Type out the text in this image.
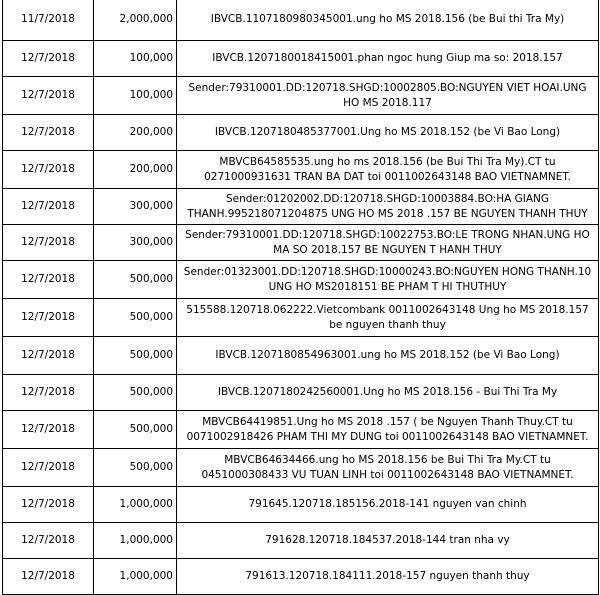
11/7/2018	2,000,000	IBVCB.1107180980345001.ung ho MS 2018.156 (be Bui thi Tra My)
12/7/2018	100,000	IBVCB.1207180018415001.phan ngoc hung Giup ma so: 2018.157
12/7/2018	100,000	Sender:79310001.DD:120718.SHGD:10002805.BO:NGUYEN VIET HOAI.UNG HO MS 2018.117
12/7/2018	200,000	IBVCB.1207180485377001.Ung ho MS 2018.152 (be Vi Bao Long)
12/7/2018	200,000	MBVCB64585535.ung ho ms 2018.156 (be Bui Thi Tra My).CT tu 0271000931631 TRAN BA DAT toi 0011002643148 BAO VIETNAMNET.
12/7/2018	300,000	Sender:01202002.DD:120718.SHGD:10003884.BO:HA GIANG THANH.995218071204875 UNG HO MS 2018 .157 BE NGUYEN THANH THUY
12/7/2018	300,000	Sender:79310001.DD:120718.SHGD:10022753.BO:LE TRONG NHAN.UNG HO MA SO 2018.157 BE NGUYEN T HANH THUY
12/7/2018	500,000	Sender:01323001.DD:120718.SHGD:10000243.BO:NGUYEN HONG THANH.10 UNG HO MS2018151 BE PHAM T HI THUTHUY
12/7/2018	500,000	515588.120718.062222.Vietcombank 0011002643148 Ung ho MS 2018.157 be nguyen thanh thuy
12/7/2018	500,000	IBVCB.1207180854963001.ung ho MS 2018.152 (be Vi Bao Long)
12/7/2018	500,000	IBVCB.1207180242560001.Ung ho MS 2018.156 - Bui Thi Tra My
12/7/2018	500,000	MBVCB64419851.Ung ho MS 2018 .157 ( be Nguyen Thanh Thuy.CT tu 0071002918426 PHAM THI MY DUNG toi 0011002643148 BAO VIETNAMNET.
12/7/2018	500,000	MBVCB64634466.ung ho MS 2018.156 be Bui Thi Tra My.CT tu 0451000308433 VU TUAN LINH toi 0011002643148 BAO VIETNAMNET.
12/7/2018	1,000,000	791645.120718.185156.2018-141 nguyen van chinh
12/7/2018	1,000,000	791628.120718.184537.2018-144 tran nha vy
12/7/2018	1,000,000	791613.120718.184111.2018-157 nguyen thanh thuy
